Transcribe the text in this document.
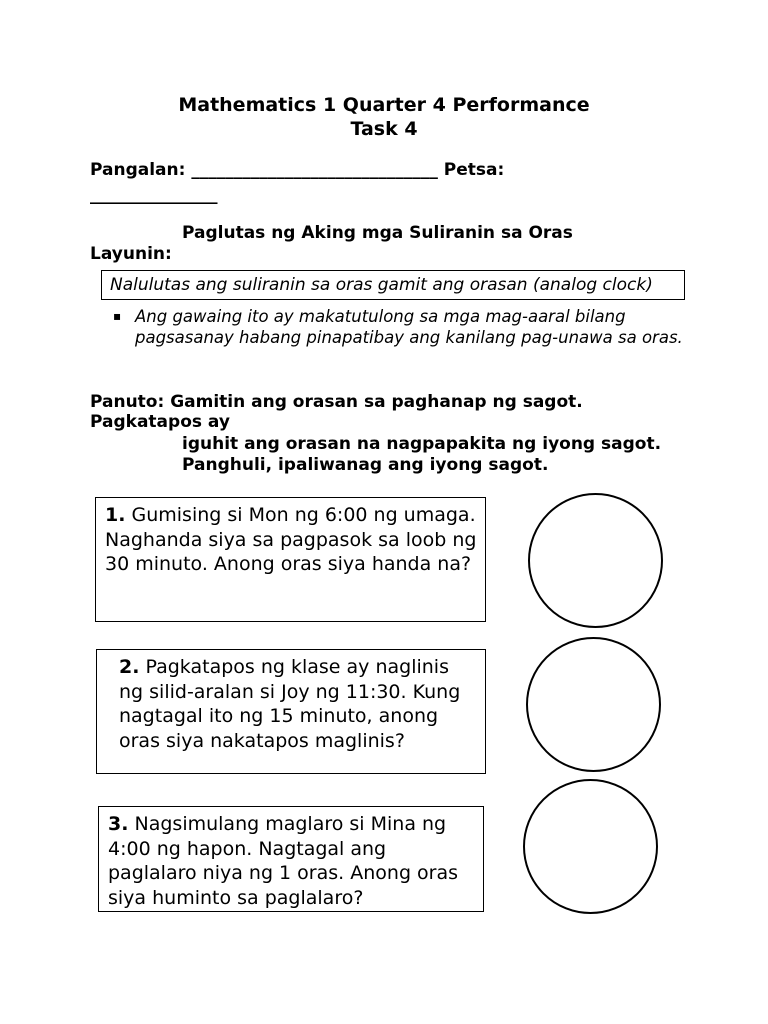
Mathematics 1 Quarter 4 Performance
Task 4
Pangalan: _____________________________ Petsa:
_______________
Paglutas ng Aking mga Suliranin sa Oras
Layunin:
Nalulutas ang suliranin sa oras gamit ang orasan (analog clock)
▪ Ang gawaing ito ay makatutulong sa mga mag-aaral bilang pagsasanay habang pinapatibay ang kanilang pag-unawa sa oras.
Panuto: Gamitin ang orasan sa paghanap ng sagot.
Pagkatapos ay
iguhit ang orasan na nagpapakita ng iyong sagot.
Panghuli, ipaliwanag ang iyong sagot.
1. Gumising si Mon ng 6:00 ng umaga. Naghanda siya sa pagpasok sa loob ng 30 minuto. Anong oras siya handa na?
2. Pagkatapos ng klase ay naglinis ng silid-aralan si Joy ng 11:30. Kung nagtagal ito ng 15 minuto, anong oras siya nakatapos maglinis?
3. Nagsimulang maglaro si Mina ng 4:00 ng hapon. Nagtagal ang paglalaro niya ng 1 oras. Anong oras siya huminto sa paglalaro?
